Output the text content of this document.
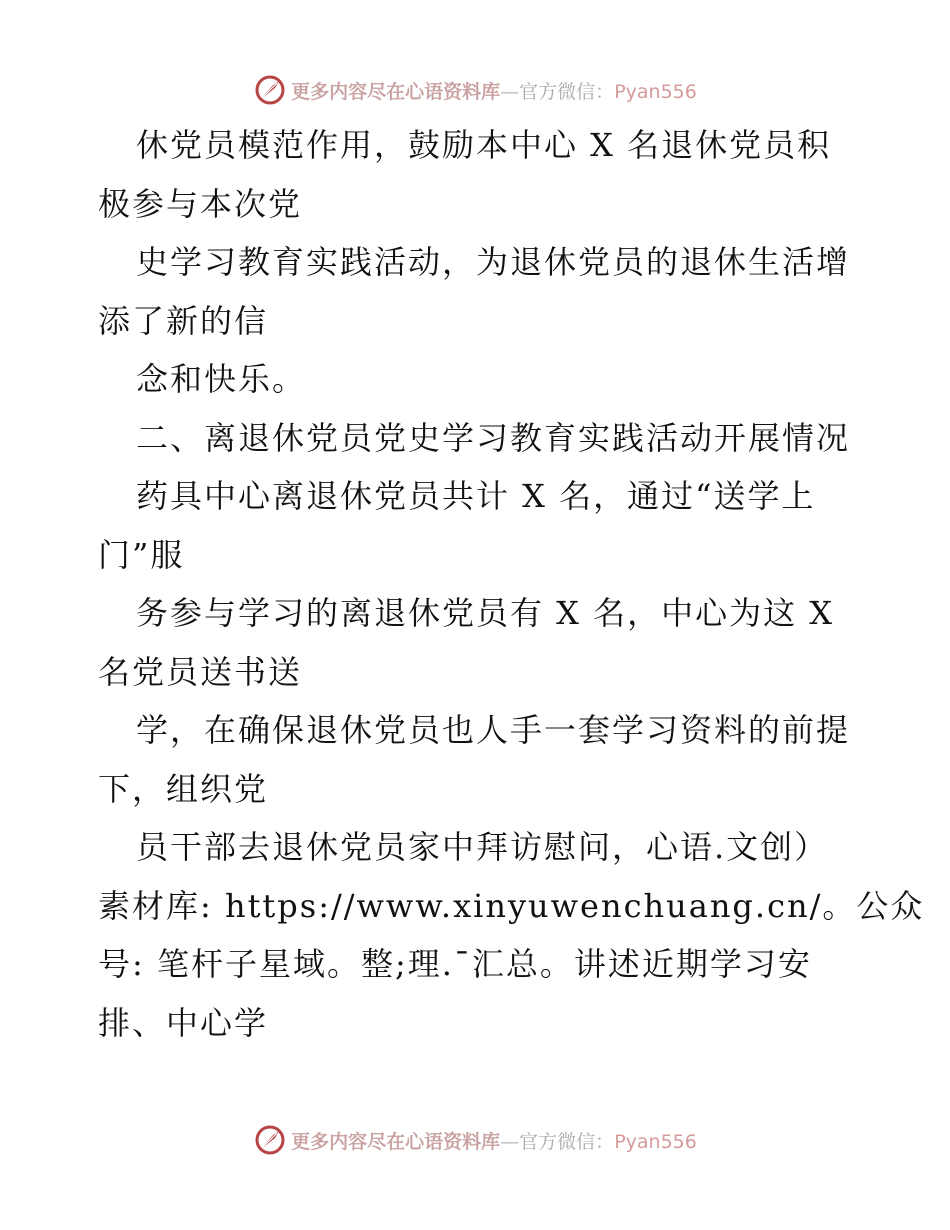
更多内容尽在心语资料库—官方微信：Pyan556
休党员模范作用，鼓励本中心 X 名退休党员积
极参与本次党
史学习教育实践活动，为退休党员的退休生活增
添了新的信
念和快乐。
二、离退休党员党史学习教育实践活动开展情况
药具中心离退休党员共计 X 名，通过“送学上
门”服
务参与学习的离退休党员有 X 名，中心为这 X
名党员送书送
学，在确保退休党员也人手一套学习资料的前提
下，组织党
员干部去退休党员家中拜访慰问，心语.文创）
素材库: https://www.xinyuwenchuang.cn/。公众
号: 笔杆子星域。整;理.¯汇总。讲述近期学习安
排、中心学
更多内容尽在心语资料库—官方微信：Pyan556
